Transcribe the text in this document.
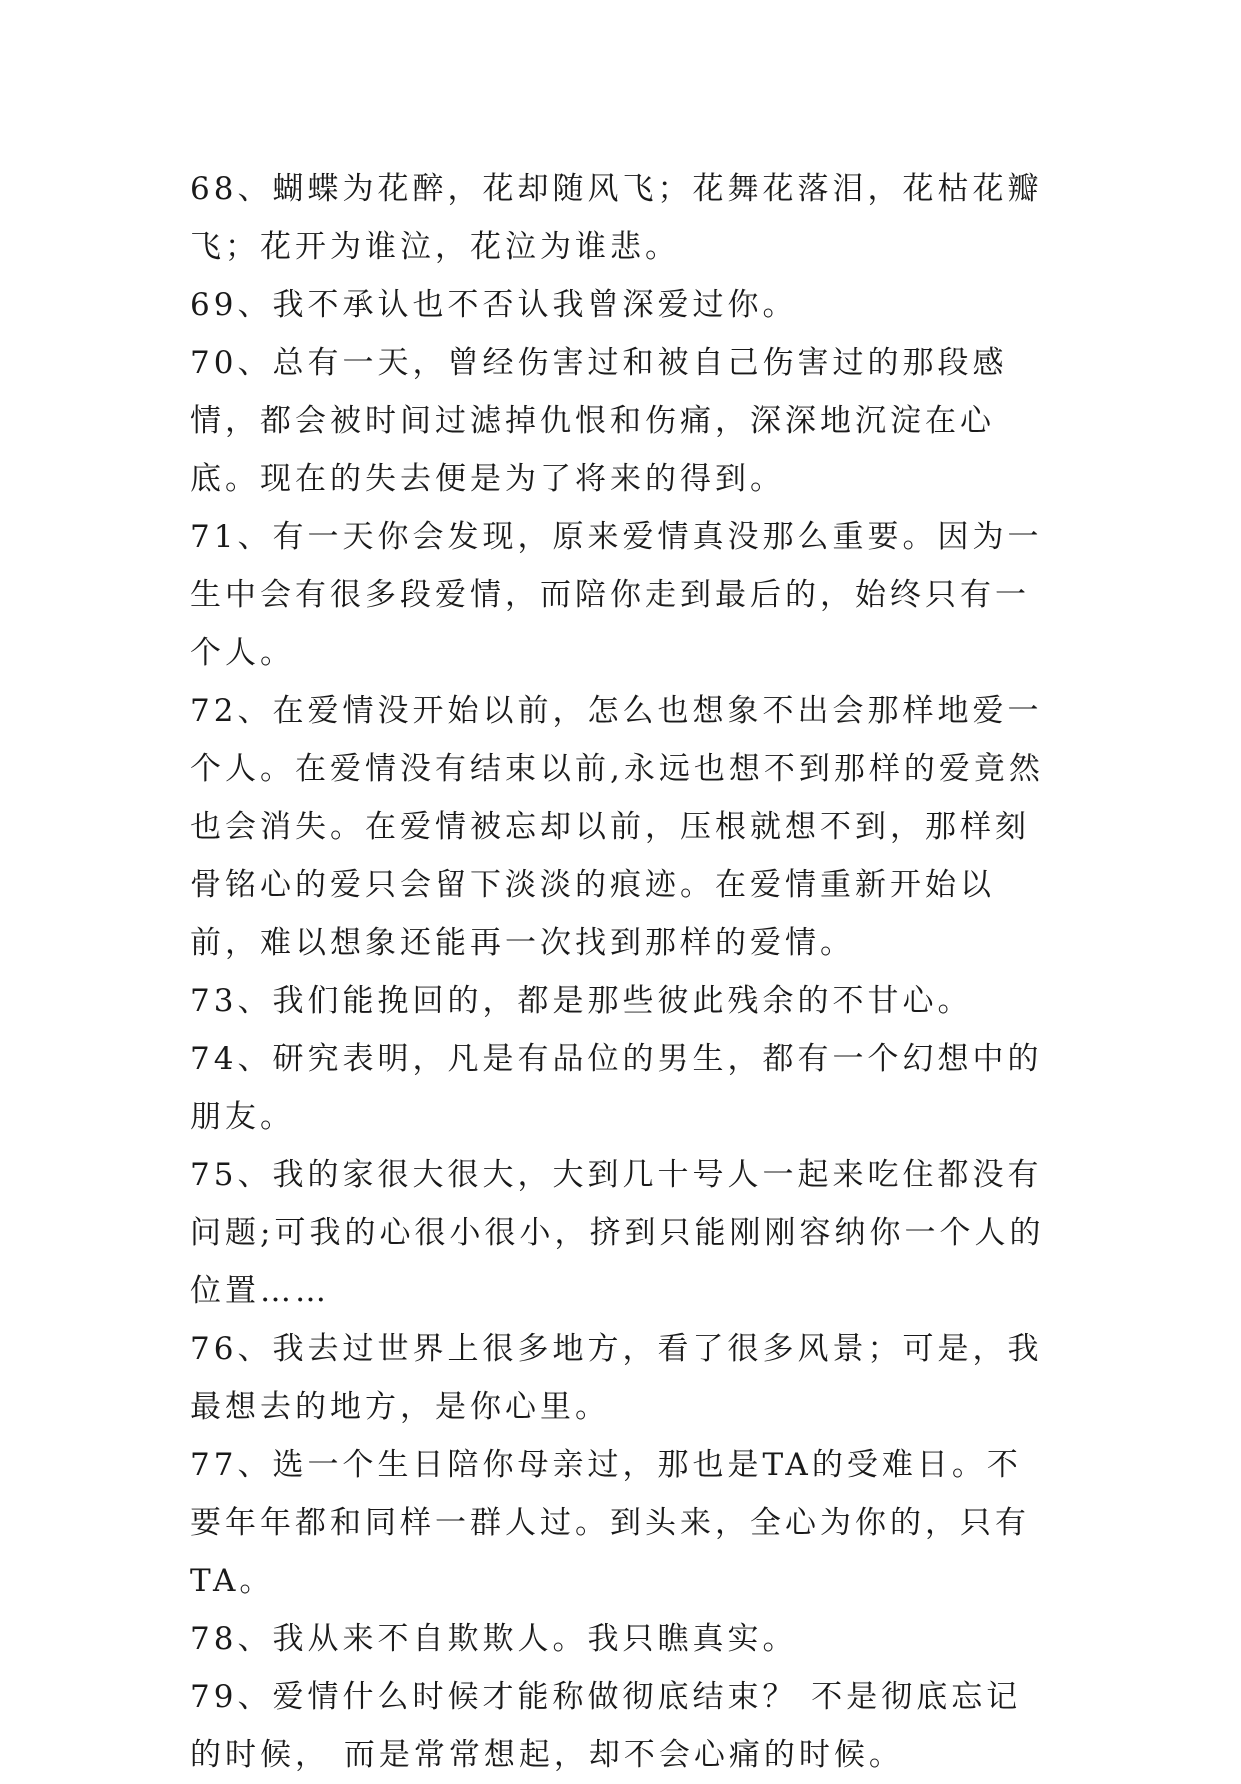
68、蝴蝶为花醉，花却随风飞；花舞花落泪，花枯花瓣飞；花开为谁泣，花泣为谁悲。

69、我不承认也不否认我曾深爱过你。

70、总有一天，曾经伤害过和被自己伤害过的那段感情，都会被时间过滤掉仇恨和伤痛，深深地沉淀在心底。现在的失去便是为了将来的得到。

71、有一天你会发现，原来爱情真没那么重要。因为一生中会有很多段爱情，而陪你走到最后的，始终只有一个人。

72、在爱情没开始以前，怎么也想象不出会那样地爱一个人。在爱情没有结束以前,永远也想不到那样的爱竟然也会消失。在爱情被忘却以前，压根就想不到，那样刻骨铭心的爱只会留下淡淡的痕迹。在爱情重新开始以前，难以想象还能再一次找到那样的爱情。

73、我们能挽回的，都是那些彼此残余的不甘心。

74、研究表明，凡是有品位的男生，都有一个幻想中的朋友。

75、我的家很大很大，大到几十号人一起来吃住都没有问题;可我的心很小很小，挤到只能刚刚容纳你一个人的位置……

76、我去过世界上很多地方，看了很多风景；可是，我最想去的地方，是你心里。

77、选一个生日陪你母亲过，那也是TA的受难日。不要年年都和同样一群人过。到头来，全心为你的，只有TA。

78、我从来不自欺欺人。我只瞧真实。

79、爱情什么时候才能称做彻底结束？ 不是彻底忘记的时候， 而是常常想起，却不会心痛的时候。
